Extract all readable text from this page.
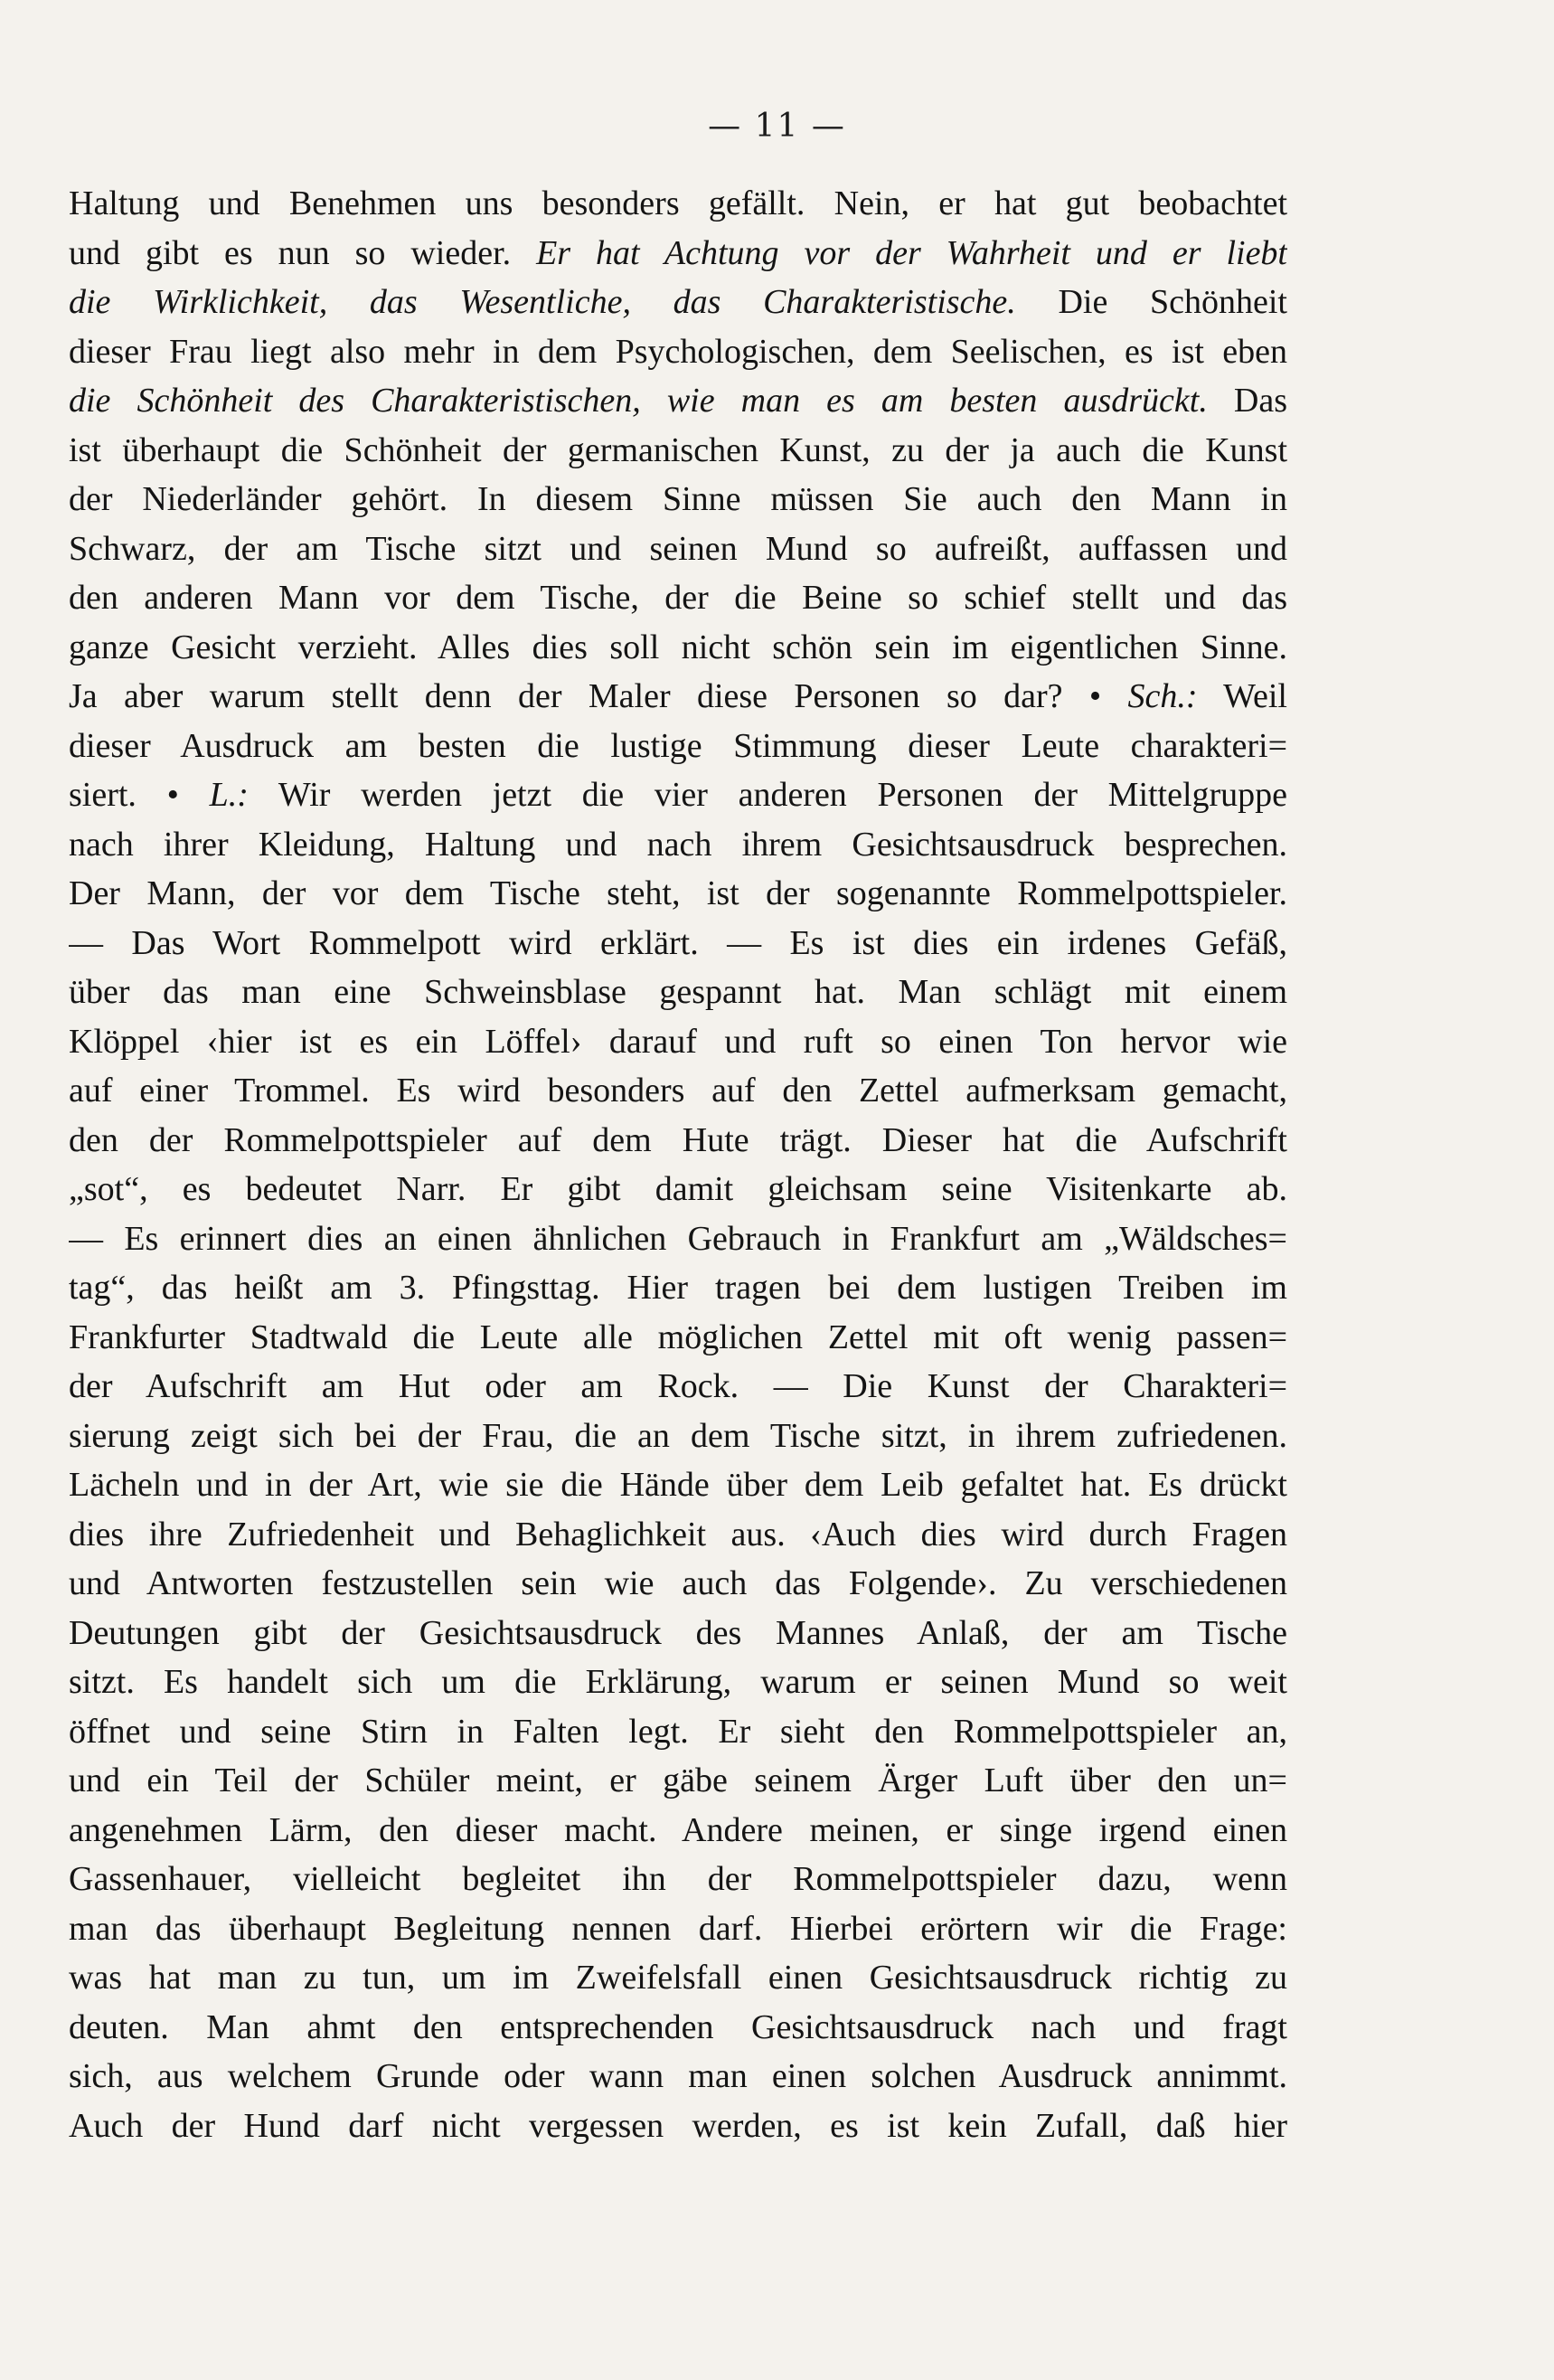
— 11 —
Haltung und Benehmen uns besonders gefällt. Nein, er hat gut beobachtet
und gibt es nun so wieder. Er hat Achtung vor der Wahrheit und er liebt
die Wirklichkeit, das Wesentliche, das Charakteristische. Die Schönheit
dieser Frau liegt also mehr in dem Psychologischen, dem Seelischen, es ist eben
die Schönheit des Charakteristischen, wie man es am besten ausdrückt. Das
ist überhaupt die Schönheit der germanischen Kunst, zu der ja auch die Kunst
der Niederländer gehört. In diesem Sinne müssen Sie auch den Mann in
Schwarz, der am Tische sitzt und seinen Mund so aufreißt, auffassen und
den anderen Mann vor dem Tische, der die Beine so schief stellt und das
ganze Gesicht verzieht. Alles dies soll nicht schön sein im eigentlichen Sinne.
Ja aber warum stellt denn der Maler diese Personen so dar? • Sch.: Weil
dieser Ausdruck am besten die lustige Stimmung dieser Leute charakteri=
siert. • L.: Wir werden jetzt die vier anderen Personen der Mittelgruppe
nach ihrer Kleidung, Haltung und nach ihrem Gesichtsausdruck besprechen.
Der Mann, der vor dem Tische steht, ist der sogenannte Rommelpottspieler.
— Das Wort Rommelpott wird erklärt. — Es ist dies ein irdenes Gefäß,
über das man eine Schweinsblase gespannt hat. Man schlägt mit einem
Klöppel ‹hier ist es ein Löffel› darauf und ruft so einen Ton hervor wie
auf einer Trommel. Es wird besonders auf den Zettel aufmerksam gemacht,
den der Rommelpottspieler auf dem Hute trägt. Dieser hat die Aufschrift
„sot“, es bedeutet Narr. Er gibt damit gleichsam seine Visitenkarte ab.
— Es erinnert dies an einen ähnlichen Gebrauch in Frankfurt am „Wäldsches=
tag“, das heißt am 3. Pfingsttag. Hier tragen bei dem lustigen Treiben im
Frankfurter Stadtwald die Leute alle möglichen Zettel mit oft wenig passen=
der Aufschrift am Hut oder am Rock. — Die Kunst der Charakteri=
sierung zeigt sich bei der Frau, die an dem Tische sitzt, in ihrem zufriedenen.
Lächeln und in der Art, wie sie die Hände über dem Leib gefaltet hat. Es drückt
dies ihre Zufriedenheit und Behaglichkeit aus. ‹Auch dies wird durch Fragen
und Antworten festzustellen sein wie auch das Folgende›. Zu verschiedenen
Deutungen gibt der Gesichtsausdruck des Mannes Anlaß, der am Tische
sitzt. Es handelt sich um die Erklärung, warum er seinen Mund so weit
öffnet und seine Stirn in Falten legt. Er sieht den Rommelpottspieler an,
und ein Teil der Schüler meint, er gäbe seinem Ärger Luft über den un=
angenehmen Lärm, den dieser macht. Andere meinen, er singe irgend einen
Gassenhauer, vielleicht begleitet ihn der Rommelpottspieler dazu, wenn
man das überhaupt Begleitung nennen darf. Hierbei erörtern wir die Frage:
was hat man zu tun, um im Zweifelsfall einen Gesichtsausdruck richtig zu
deuten. Man ahmt den entsprechenden Gesichtsausdruck nach und fragt
sich, aus welchem Grunde oder wann man einen solchen Ausdruck annimmt.
Auch der Hund darf nicht vergessen werden, es ist kein Zufall, daß hier
